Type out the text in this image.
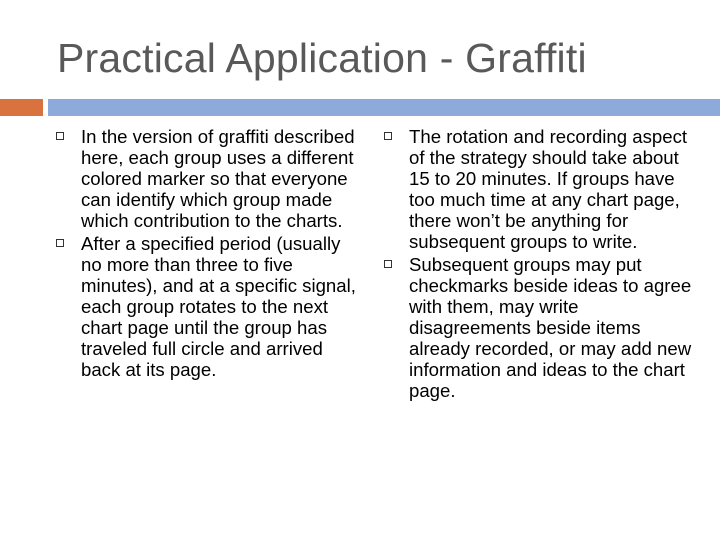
Practical Application - Graffiti
In the version of graffiti described here, each group uses a different colored marker so that everyone can identify which group made which contribution to the charts.
After a specified period (usually no more than three to five minutes), and at a specific signal, each group rotates to the next chart page until the group has traveled full circle and arrived back at its page.
The rotation and recording aspect of the strategy should take about 15 to 20 minutes. If groups have too much time at any chart page, there won’t be anything for subsequent groups to write.
Subsequent groups may put checkmarks beside ideas to agree with them, may write disagreements beside items already recorded, or may add new information and ideas to the chart page.
